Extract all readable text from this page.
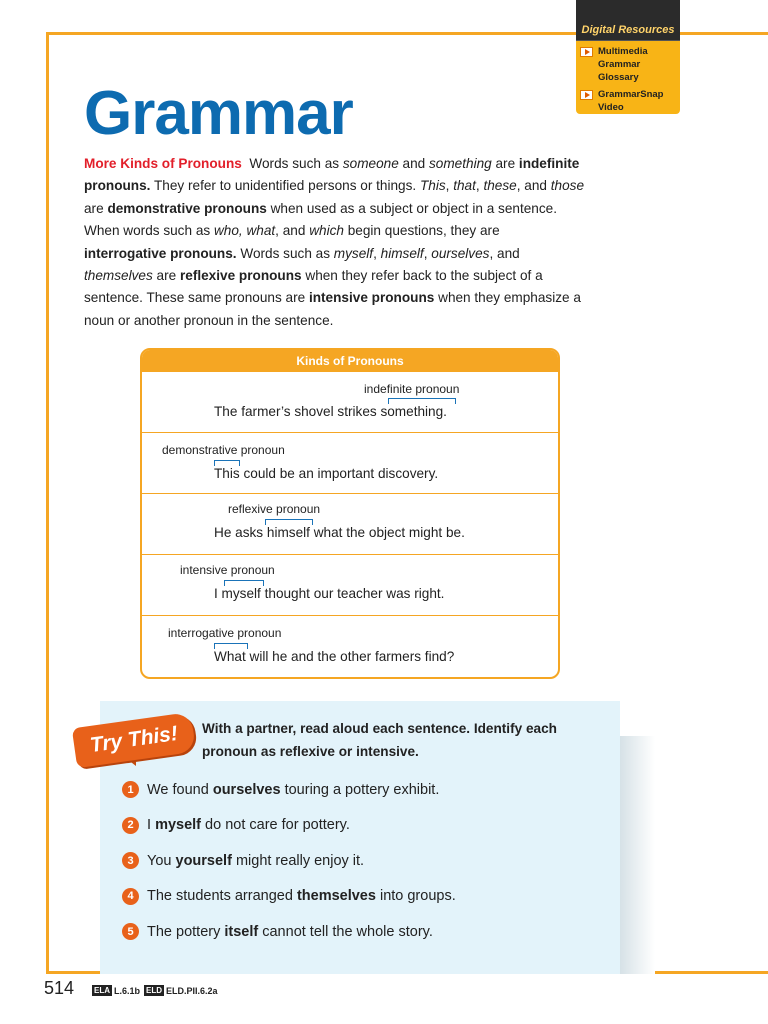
Digital Resources
Multimedia
Grammar Glossary
GrammarSnap
Video
Grammar

More Kinds of Pronouns Words such as someone and something are indefinite pronouns. They refer to unidentified persons or things. This, that, these, and those are demonstrative pronouns when used as a subject or object in a sentence. When words such as who, what, and which begin questions, they are interrogative pronouns. Words such as myself, himself, ourselves, and themselves are reflexive pronouns when they refer back to the subject of a sentence. These same pronouns are intensive pronouns when they emphasize a noun or another pronoun in the sentence.

Kinds of Pronouns
indefinite pronoun
The farmer’s shovel strikes something.
demonstrative pronoun
This could be an important discovery.
reflexive pronoun
He asks himself what the object might be.
intensive pronoun
I myself thought our teacher was right.
interrogative pronoun
What will he and the other farmers find?
Try This!	With a partner, read aloud each sentence. Identify each pronoun as reflexive or intensive.
1 We found ourselves touring a pottery exhibit.
2 I myself do not care for pottery.
3 You yourself might really enjoy it.
4 The students arranged themselves into groups.
5 The pottery itself cannot tell the whole story.
514 ELA L.6.1b ELD ELD.PII.6.2a
